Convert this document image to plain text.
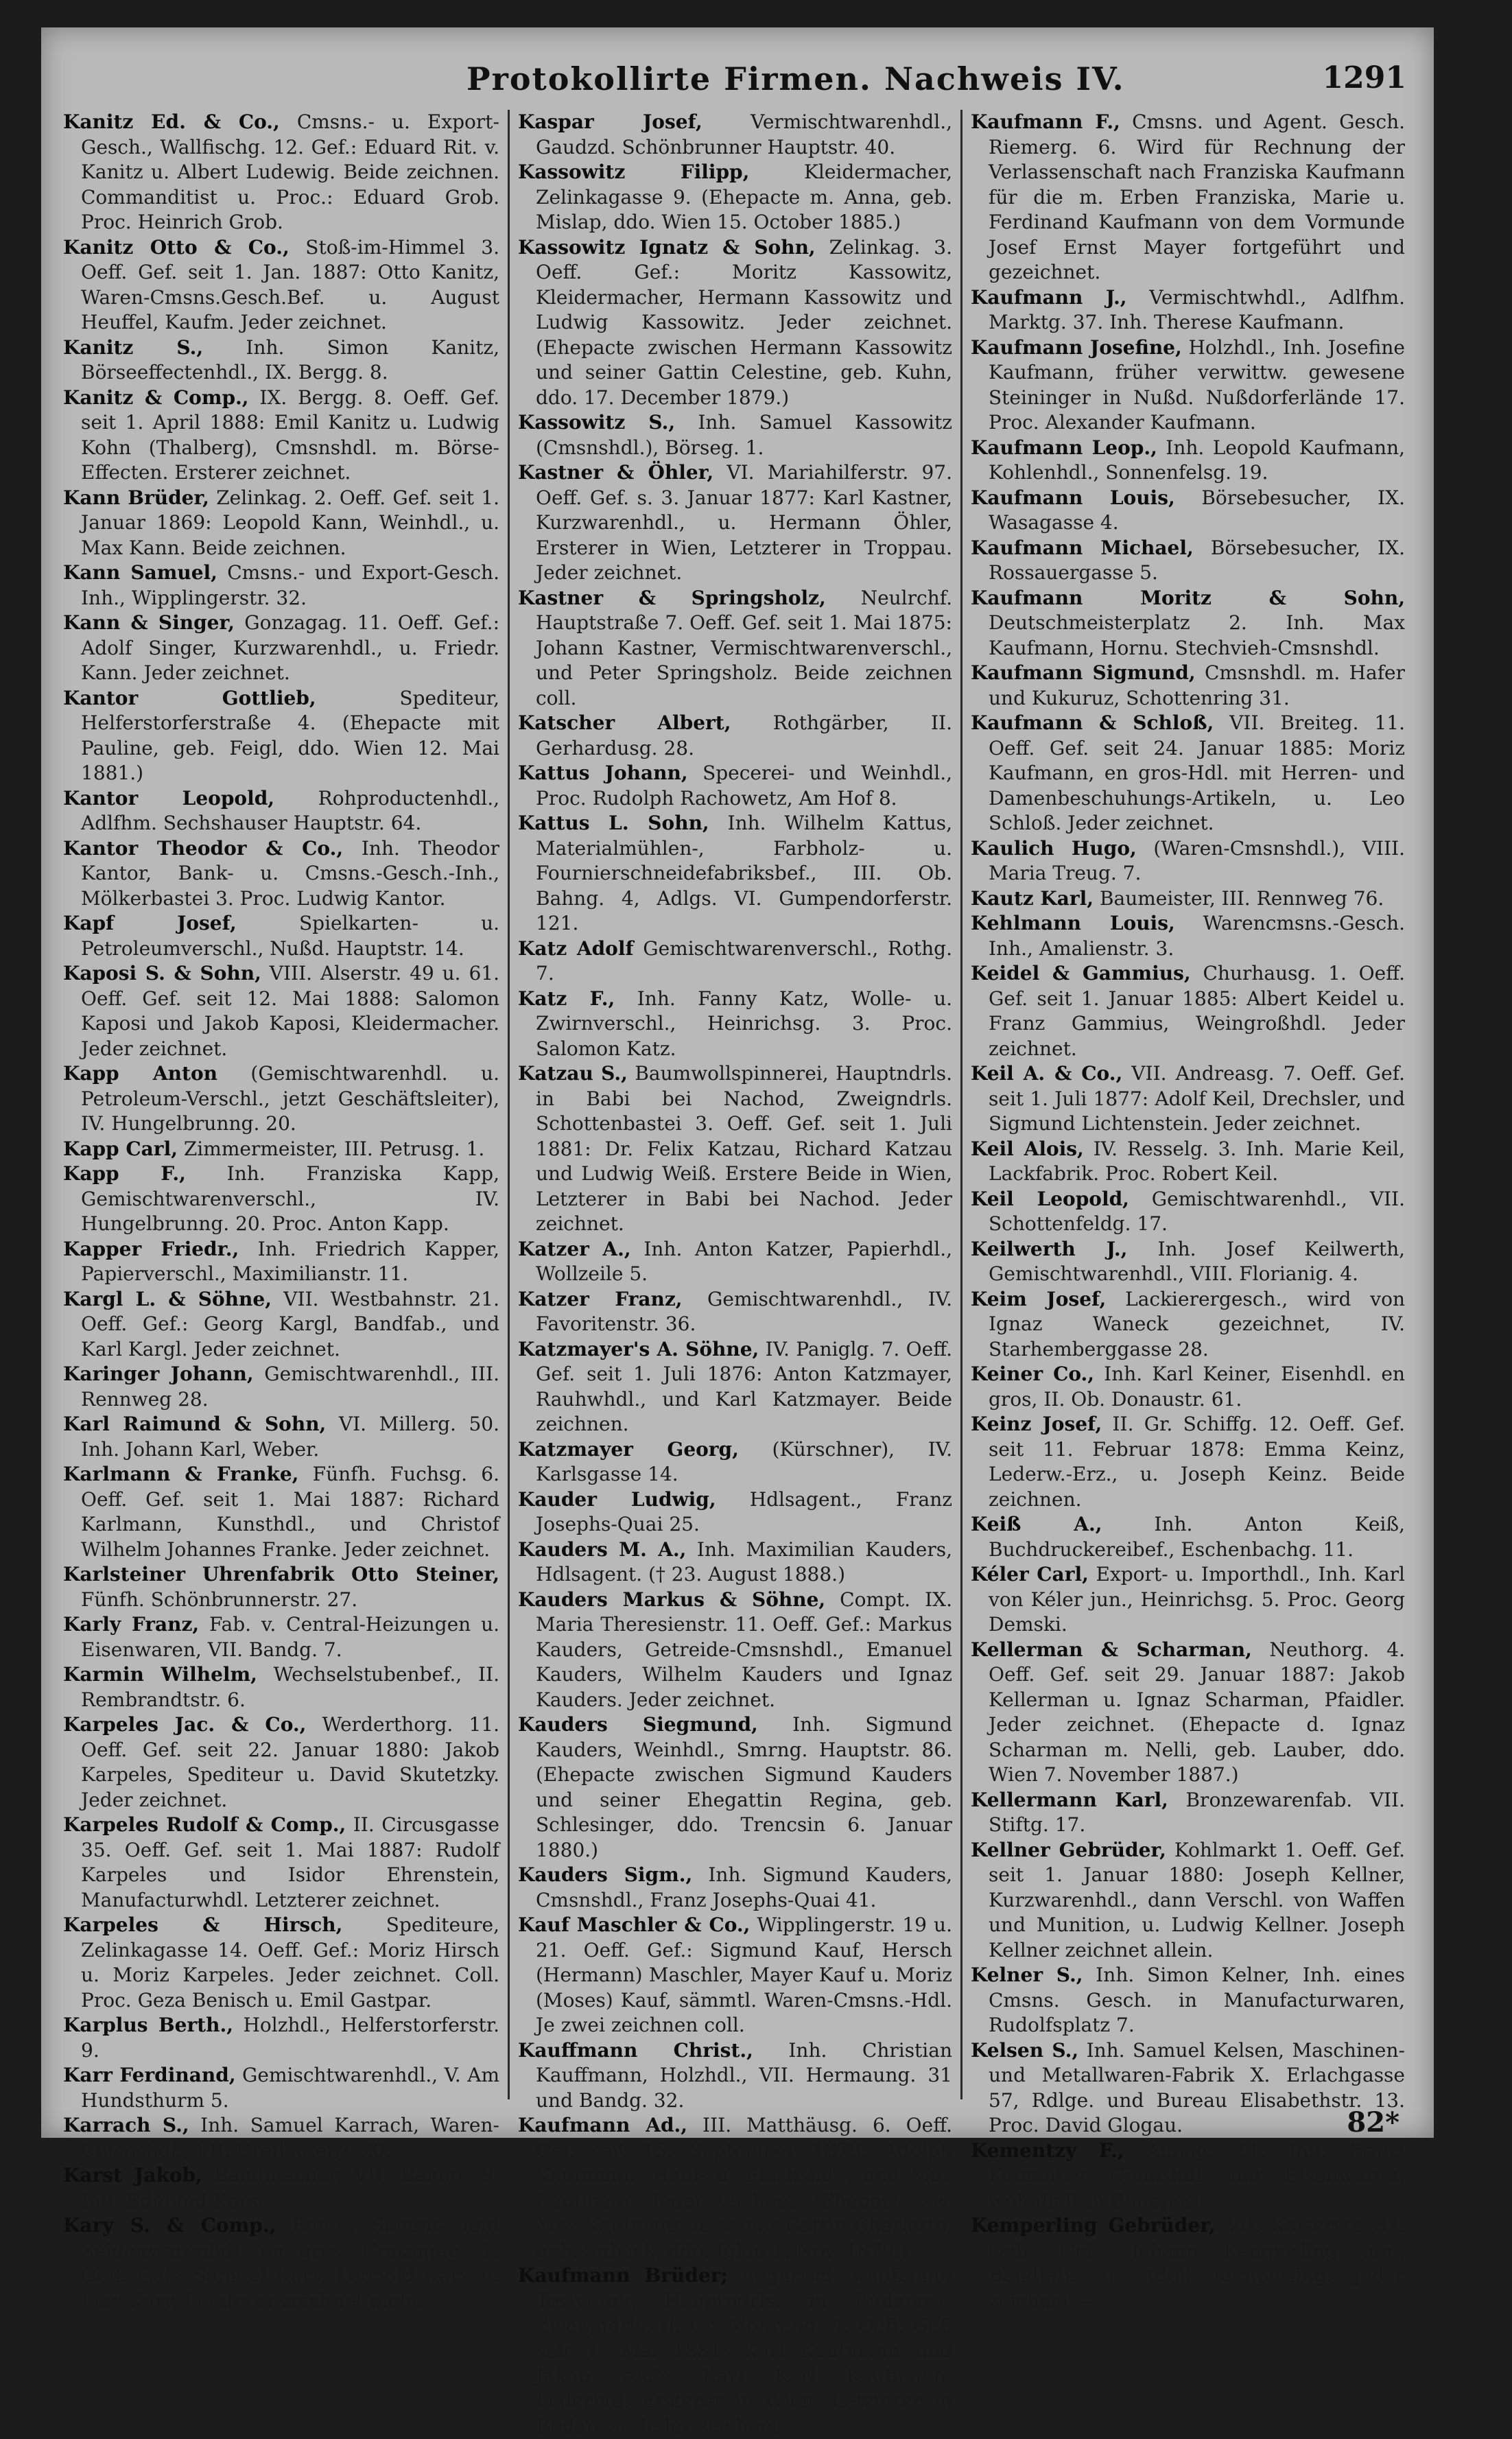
Protokollirte Firmen. Nachweis IV.	1291

Kanitz Ed. & Co., Cmsns.- u. Export-Gesch., Wallfischg. 12. Gef.: Eduard Rit. v. Kanitz u. Albert Ludewig. Beide zeichnen. Commanditist u. Proc.: Eduard Grob. Proc. Heinrich Grob.

Kanitz Otto & Co., Stoß-im-Himmel 3. Oeff. Gef. seit 1. Jan. 1887: Otto Kanitz, Waren-Cmsns.Gesch.Bef. u. August Heuffel, Kaufm. Jeder zeichnet.

Kanitz S., Inh. Simon Kanitz, Börseeffectenhdl., IX. Bergg. 8.

Kanitz & Comp., IX. Bergg. 8. Oeff. Gef. seit 1. April 1888: Emil Kanitz u. Ludwig Kohn (Thalberg), Cmsnshdl. m. Börse-Effecten. Ersterer zeichnet.

Kann Brüder, Zelinkag. 2. Oeff. Gef. seit 1. Januar 1869: Leopold Kann, Weinhdl., u. Max Kann. Beide zeichnen.

Kann Samuel, Cmsns.- und Export-Gesch. Inh., Wipplingerstr. 32.

Kann & Singer, Gonzagag. 11. Oeff. Gef.: Adolf Singer, Kurzwarenhdl., u. Friedr. Kann. Jeder zeichnet.

Kantor Gottlieb, Spediteur, Helferstorferstraße 4. (Ehepacte mit Pauline, geb. Feigl, ddo. Wien 12. Mai 1881.)

Kantor Leopold, Rohproductenhdl., Adlfhm. Sechshauser Hauptstr. 64.

Kantor Theodor & Co., Inh. Theodor Kantor, Bank- u. Cmsns.-Gesch.-Inh., Mölkerbastei 3. Proc. Ludwig Kantor.

Kapf Josef, Spielkarten- u. Petroleumverschl., Nußd. Hauptstr. 14.

Kaposi S. & Sohn, VIII. Alserstr. 49 u. 61. Oeff. Gef. seit 12. Mai 1888: Salomon Kaposi und Jakob Kaposi, Kleidermacher. Jeder zeichnet.

Kapp Anton (Gemischtwarenhdl. u. Petroleum-Verschl., jetzt Geschäftsleiter), IV. Hungelbrunng. 20.

Kapp Carl, Zimmermeister, III. Petrusg. 1.

Kapp F., Inh. Franziska Kapp, Gemischtwarenverschl., IV. Hungelbrunng. 20. Proc. Anton Kapp.

Kapper Friedr., Inh. Friedrich Kapper, Papierverschl., Maximilianstr. 11.

Kargl L. & Söhne, VII. Westbahnstr. 21. Oeff. Gef.: Georg Kargl, Bandfab., und Karl Kargl. Jeder zeichnet.

Karinger Johann, Gemischtwarenhdl., III. Rennweg 28.

Karl Raimund & Sohn, VI. Millerg. 50. Inh. Johann Karl, Weber.

Karlmann & Franke, Fünfh. Fuchsg. 6. Oeff. Gef. seit 1. Mai 1887: Richard Karlmann, Kunsthdl., und Christof Wilhelm Johannes Franke. Jeder zeichnet.

Karlsteiner Uhrenfabrik Otto Steiner, Fünfh. Schönbrunnerstr. 27.

Karly Franz, Fab. v. Central-Heizungen u. Eisenwaren, VII. Bandg. 7.

Karmin Wilhelm, Wechselstubenbef., II. Rembrandtstr. 6.

Karpeles Jac. & Co., Werderthorg. 11. Oeff. Gef. seit 22. Januar 1880: Jakob Karpeles, Spediteur u. David Skutetzky. Jeder zeichnet.

Karpeles Rudolf & Comp., II. Circusgasse 35. Oeff. Gef. seit 1. Mai 1887: Rudolf Karpeles und Isidor Ehrenstein, Manufacturwhdl. Letzterer zeichnet.

Karpeles & Hirsch, Spediteure, Zelinkagasse 14. Oeff. Gef.: Moriz Hirsch u. Moriz Karpeles. Jeder zeichnet. Coll. Proc. Geza Benisch u. Emil Gastpar.

Karplus Berth., Holzhdl., Helferstorferstr. 9.

Karr Ferdinand, Gemischtwarenhdl., V. Am Hundsthurm 5.

Karrach S., Inh. Samuel Karrach, Waren-Cmsnshdl., VII. Dreilauferg. 20.

Karst Jakob, Bandmacher, VII. Bandg. 9. Inh. Edmund Karst.

Kary S. & Comp., Band-, Sammt- und Seidenwarenhdl. en gros, Gonzagag. 1. Oeff. Gef.: Samuel Kary, Leopold Kary u. Max Kary. Letzterer zeichnet nicht.

Kaspar Josef, Vermischtwarenhdl., Gaudzd. Schönbrunner Hauptstr. 40.

Kassowitz Filipp, Kleidermacher, Zelinkagasse 9. (Ehepacte m. Anna, geb. Mislap, ddo. Wien 15. October 1885.)

Kassowitz Ignatz & Sohn, Zelinkag. 3. Oeff. Gef.: Moritz Kassowitz, Kleidermacher, Hermann Kassowitz und Ludwig Kassowitz. Jeder zeichnet. (Ehepacte zwischen Hermann Kassowitz und seiner Gattin Celestine, geb. Kuhn, ddo. 17. December 1879.)

Kassowitz S., Inh. Samuel Kassowitz (Cmsnshdl.), Börseg. 1.

Kastner & Öhler, VI. Mariahilferstr. 97. Oeff. Gef. s. 3. Januar 1877: Karl Kastner, Kurzwarenhdl., u. Hermann Öhler, Ersterer in Wien, Letzterer in Troppau. Jeder zeichnet.

Kastner & Springsholz, Neulrchf. Hauptstraße 7. Oeff. Gef. seit 1. Mai 1875: Johann Kastner, Vermischtwarenverschl., und Peter Springsholz. Beide zeichnen coll.

Katscher Albert, Rothgärber, II. Gerhardusg. 28.

Kattus Johann, Specerei- und Weinhdl., Proc. Rudolph Rachowetz, Am Hof 8.

Kattus L. Sohn, Inh. Wilhelm Kattus, Materialmühlen-, Farbholz- u. Fournierschneidefabriksbef., III. Ob. Bahng. 4, Adlgs. VI. Gumpendorferstr. 121.

Katz Adolf Gemischtwarenverschl., Rothg. 7.

Katz F., Inh. Fanny Katz, Wolle- u. Zwirnverschl., Heinrichsg. 3. Proc. Salomon Katz.

Katzau S., Baumwollspinnerei, Hauptndrls. in Babi bei Nachod, Zweigndrls. Schottenbastei 3. Oeff. Gef. seit 1. Juli 1881: Dr. Felix Katzau, Richard Katzau und Ludwig Weiß. Erstere Beide in Wien, Letzterer in Babi bei Nachod. Jeder zeichnet.

Katzer A., Inh. Anton Katzer, Papierhdl., Wollzeile 5.

Katzer Franz, Gemischtwarenhdl., IV. Favoritenstr. 36.

Katzmayer's A. Söhne, IV. Paniglg. 7. Oeff. Gef. seit 1. Juli 1876: Anton Katzmayer, Rauhwhdl., und Karl Katzmayer. Beide zeichnen.

Katzmayer Georg, (Kürschner), IV. Karlsgasse 14.

Kauder Ludwig, Hdlsagent., Franz Josephs-Quai 25.

Kauders M. A., Inh. Maximilian Kauders, Hdlsagent. († 23. August 1888.)

Kauders Markus & Söhne, Compt. IX. Maria Theresienstr. 11. Oeff. Gef.: Markus Kauders, Getreide-Cmsnshdl., Emanuel Kauders, Wilhelm Kauders und Ignaz Kauders. Jeder zeichnet.

Kauders Siegmund, Inh. Sigmund Kauders, Weinhdl., Smrng. Hauptstr. 86. (Ehepacte zwischen Sigmund Kauders und seiner Ehegattin Regina, geb. Schlesinger, ddo. Trencsin 6. Januar 1880.)

Kauders Sigm., Inh. Sigmund Kauders, Cmsnshdl., Franz Josephs-Quai 41.

Kauf Maschler & Co., Wipplingerstr. 19 u. 21. Oeff. Gef.: Sigmund Kauf, Hersch (Hermann) Maschler, Mayer Kauf u. Moriz (Moses) Kauf, sämmtl. Waren-Cmsns.-Hdl. Je zwei zeichnen coll.

Kauffmann Christ., Inh. Christian Kauffmann, Holzhdl., VII. Hermaung. 31 und Bandg. 32.

Kaufmann Ad., III. Matthäusg. 6. Oeff. Gef. seit 15. September 1879: Adolph Kaufmann, Hanf- u. Flachshdl., und Max Kaufmann. Jeder zeichnet. (Ehepacte zw. Max Kaufmann u. seiner Gattin Charlotte, geb. Suback, ddo. Iglau 1. Nov. 1879.)

Kaufmann Brüder; ungarisch Kaufmann Testvérek, Hauptndrls. in Budapest, Zweigndrls. II. Gr. Mohreng. 4. Oeff. Gef. seit 1. Mai 1881: Karl Kaufmann und Jakob recte Karl Karl Kaufmann, Lederhdl. Ersterer in Wien, Letzterer in Budapest. Jeder zeichnet.

Kaufmann F., Cmsns. und Agent. Gesch. Riemerg. 6. Wird für Rechnung der Verlassenschaft nach Franziska Kaufmann für die m. Erben Franziska, Marie u. Ferdinand Kaufmann von dem Vormunde Josef Ernst Mayer fortgeführt und gezeichnet.

Kaufmann J., Vermischtwhdl., Adlfhm. Marktg. 37. Inh. Therese Kaufmann.

Kaufmann Josefine, Holzhdl., Inh. Josefine Kaufmann, früher verwittw. gewesene Steininger in Nußd. Nußdorferlände 17. Proc. Alexander Kaufmann.

Kaufmann Leop., Inh. Leopold Kaufmann, Kohlenhdl., Sonnenfelsg. 19.

Kaufmann Louis, Börsebesucher, IX. Wasagasse 4.

Kaufmann Michael, Börsebesucher, IX. Rossauergasse 5.

Kaufmann Moritz & Sohn, Deutschmeisterplatz 2. Inh. Max Kaufmann, Hornu. Stechvieh-Cmsnshdl.

Kaufmann Sigmund, Cmsnshdl. m. Hafer und Kukuruz, Schottenring 31.

Kaufmann & Schloß, VII. Breiteg. 11. Oeff. Gef. seit 24. Januar 1885: Moriz Kaufmann, en gros-Hdl. mit Herren- und Damenbeschuhungs-Artikeln, u. Leo Schloß. Jeder zeichnet.

Kaulich Hugo, (Waren-Cmsnshdl.), VIII. Maria Treug. 7.

Kautz Karl, Baumeister, III. Rennweg 76.

Kehlmann Louis, Warencmsns.-Gesch. Inh., Amalienstr. 3.

Keidel & Gammius, Churhausg. 1. Oeff. Gef. seit 1. Januar 1885: Albert Keidel u. Franz Gammius, Weingroßhdl. Jeder zeichnet.

Keil A. & Co., VII. Andreasg. 7. Oeff. Gef. seit 1. Juli 1877: Adolf Keil, Drechsler, und Sigmund Lichtenstein. Jeder zeichnet.

Keil Alois, IV. Resselg. 3. Inh. Marie Keil, Lackfabrik. Proc. Robert Keil.

Keil Leopold, Gemischtwarenhdl., VII. Schottenfeldg. 17.

Keilwerth J., Inh. Josef Keilwerth, Gemischtwarenhdl., VIII. Florianig. 4.

Keim Josef, Lackierergesch., wird von Ignaz Waneck gezeichnet, IV. Starhemberggasse 28.

Keiner Co., Inh. Karl Keiner, Eisenhdl. en gros, II. Ob. Donaustr. 61.

Keinz Josef, II. Gr. Schiffg. 12. Oeff. Gef. seit 11. Februar 1878: Emma Keinz, Lederw.-Erz., u. Joseph Keinz. Beide zeichnen.

Keiß A., Inh. Anton Keiß, Buchdruckereibef., Eschenbachg. 11.

Kéler Carl, Export- u. Importhdl., Inh. Karl von Kéler jun., Heinrichsg. 5. Proc. Georg Demski.

Kellerman & Scharman, Neuthorg. 4. Oeff. Gef. seit 29. Januar 1887: Jakob Kellerman u. Ignaz Scharman, Pfaidler. Jeder zeichnet. (Ehepacte d. Ignaz Scharman m. Nelli, geb. Lauber, ddo. Wien 7. November 1887.)

Kellermann Karl, Bronzewarenfab. VII. Stiftg. 17.

Kellner Gebrüder, Kohlmarkt 1. Oeff. Gef. seit 1. Januar 1880: Joseph Kellner, Kurzwarenhdl., dann Verschl. von Waffen und Munition, u. Ludwig Kellner. Joseph Kellner zeichnet allein.

Kelner S., Inh. Simon Kelner, Inh. eines Cmsns. Gesch. in Manufacturwaren, Rudolfsplatz 7.

Kelsen S., Inh. Samuel Kelsen, Maschinen- und Metallwaren-Fabrik X. Erlachgasse 57, Rdlge. und Bureau Elisabethstr. 13. Proc. David Glogau.

Kementzy F., Annag. 11. Inh. Franz Kementzy, Cjmnshdl. mit Eisenwaren, wohnhaft in Budapest.

Kemperling Gebrüder, VII. Kaiserstr. 37. Oeff. Gef.: Johann Kemperling jun., Bandfab., u. Adolf Kemperling. Jeder zeichnet.—

82*
